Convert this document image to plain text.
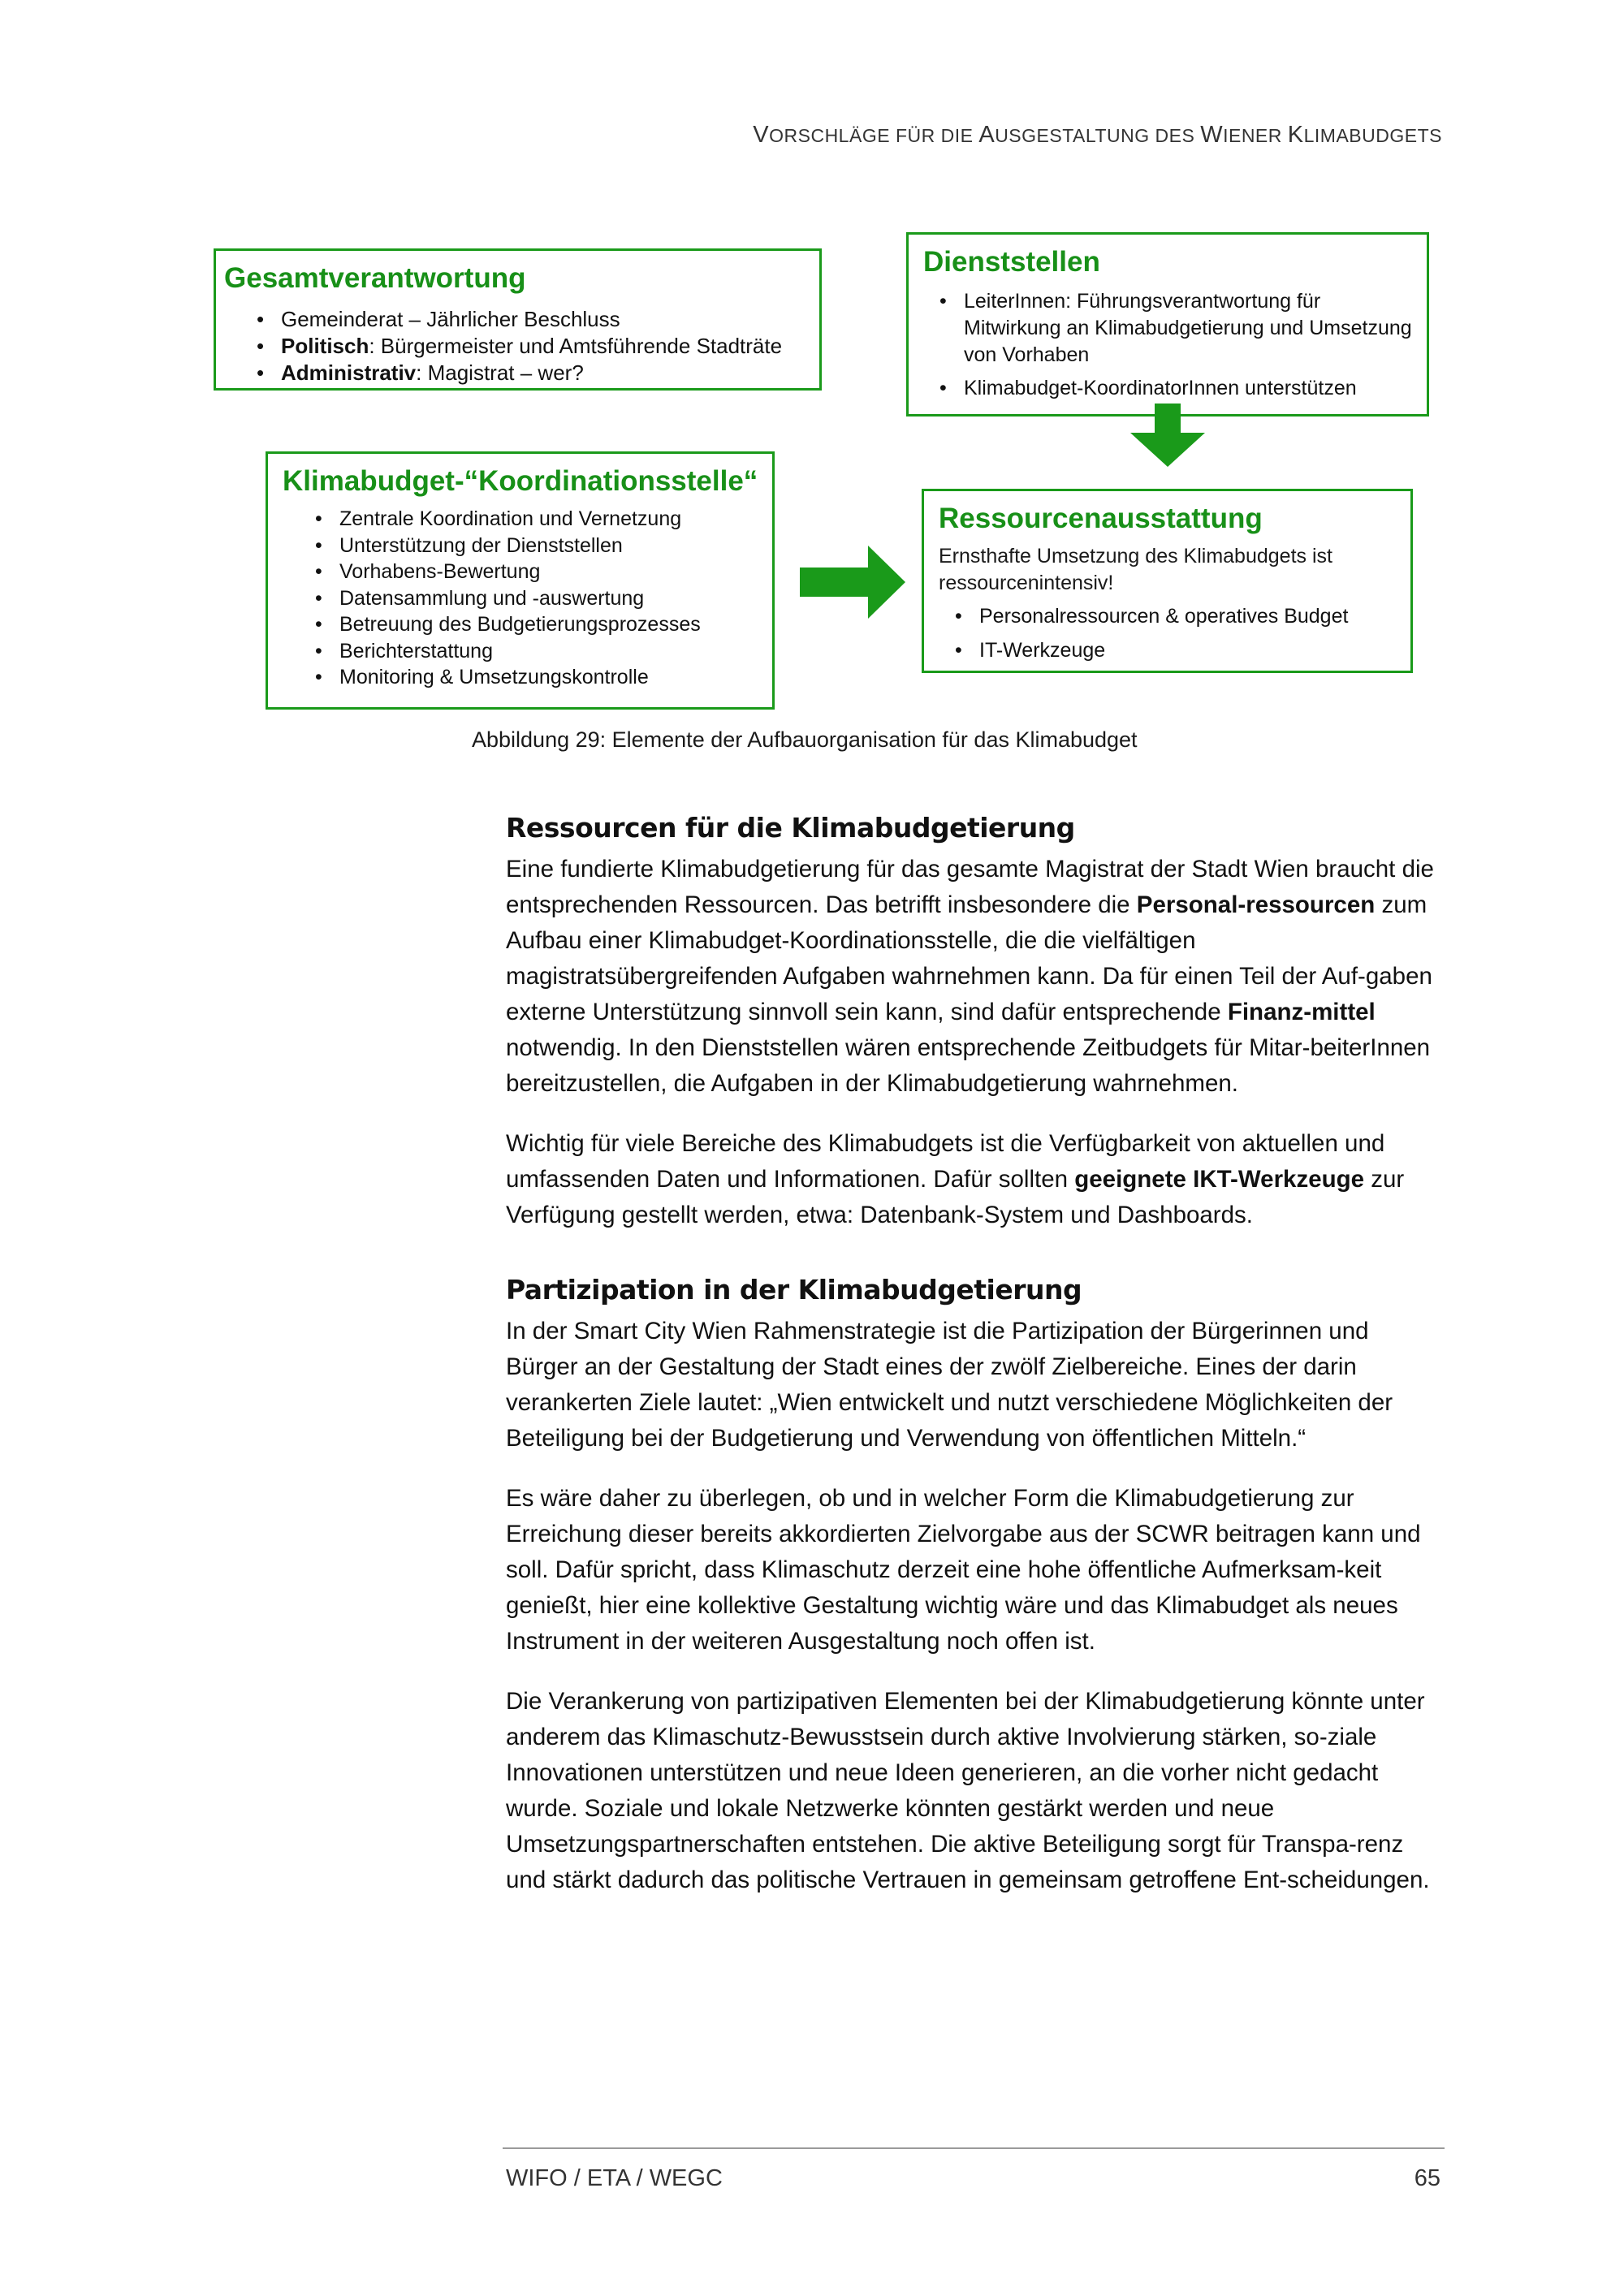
VORSCHLÄGE FÜR DIE AUSGESTALTUNG DES WIENER KLIMABUDGETS
Gesamtverantwortung
• Gemeinderat – Jährlicher Beschluss
• Politisch: Bürgermeister und Amtsführende Stadträte
• Administrativ: Magistrat – wer?
Dienststellen
• LeiterInnen: Führungsverantwortung für Mitwirkung an Klimabudgetierung und Umsetzung von Vorhaben
• Klimabudget-KoordinatorInnen unterstützen
Klimabudget-“Koordinationsstelle“
• Zentrale Koordination und Vernetzung
• Unterstützung der Dienststellen
• Vorhabens-Bewertung
• Datensammlung und -auswertung
• Betreuung des Budgetierungsprozesses
• Berichterstattung
• Monitoring & Umsetzungskontrolle
Ressourcenausstattung

Ernsthafte Umsetzung des Klimabudgets ist ressourcenintensiv!

• Personalressourcen & operatives Budget
• IT-Werkzeuge
Abbildung 29: Elemente der Aufbauorganisation für das Klimabudget
Ressourcen für die Klimabudgetierung

Eine fundierte Klimabudgetierung für das gesamte Magistrat der Stadt Wien braucht die entsprechenden Ressourcen. Das betrifft insbesondere die Personal-ressourcen zum Aufbau einer Klimabudget-Koordinationsstelle, die die vielfältigen magistratsübergreifenden Aufgaben wahrnehmen kann. Da für einen Teil der Auf-gaben externe Unterstützung sinnvoll sein kann, sind dafür entsprechende Finanz-mittel notwendig. In den Dienststellen wären entsprechende Zeitbudgets für Mitar-beiterInnen bereitzustellen, die Aufgaben in der Klimabudgetierung wahrnehmen.

Wichtig für viele Bereiche des Klimabudgets ist die Verfügbarkeit von aktuellen und umfassenden Daten und Informationen. Dafür sollten geeignete IKT-Werkzeuge zur Verfügung gestellt werden, etwa: Datenbank-System und Dashboards.

Partizipation in der Klimabudgetierung

In der Smart City Wien Rahmenstrategie ist die Partizipation der Bürgerinnen und Bürger an der Gestaltung der Stadt eines der zwölf Zielbereiche. Eines der darin verankerten Ziele lautet: „Wien entwickelt und nutzt verschiedene Möglichkeiten der Beteiligung bei der Budgetierung und Verwendung von öffentlichen Mitteln.“

Es wäre daher zu überlegen, ob und in welcher Form die Klimabudgetierung zur Erreichung dieser bereits akkordierten Zielvorgabe aus der SCWR beitragen kann und soll. Dafür spricht, dass Klimaschutz derzeit eine hohe öffentliche Aufmerksam-keit genießt, hier eine kollektive Gestaltung wichtig wäre und das Klimabudget als neues Instrument in der weiteren Ausgestaltung noch offen ist.

Die Verankerung von partizipativen Elementen bei der Klimabudgetierung könnte unter anderem das Klimaschutz-Bewusstsein durch aktive Involvierung stärken, so-ziale Innovationen unterstützen und neue Ideen generieren, an die vorher nicht gedacht wurde. Soziale und lokale Netzwerke könnten gestärkt werden und neue Umsetzungspartnerschaften entstehen. Die aktive Beteiligung sorgt für Transpa-renz und stärkt dadurch das politische Vertrauen in gemeinsam getroffene Ent-scheidungen.

WIFO / ETA / WEGC	65
